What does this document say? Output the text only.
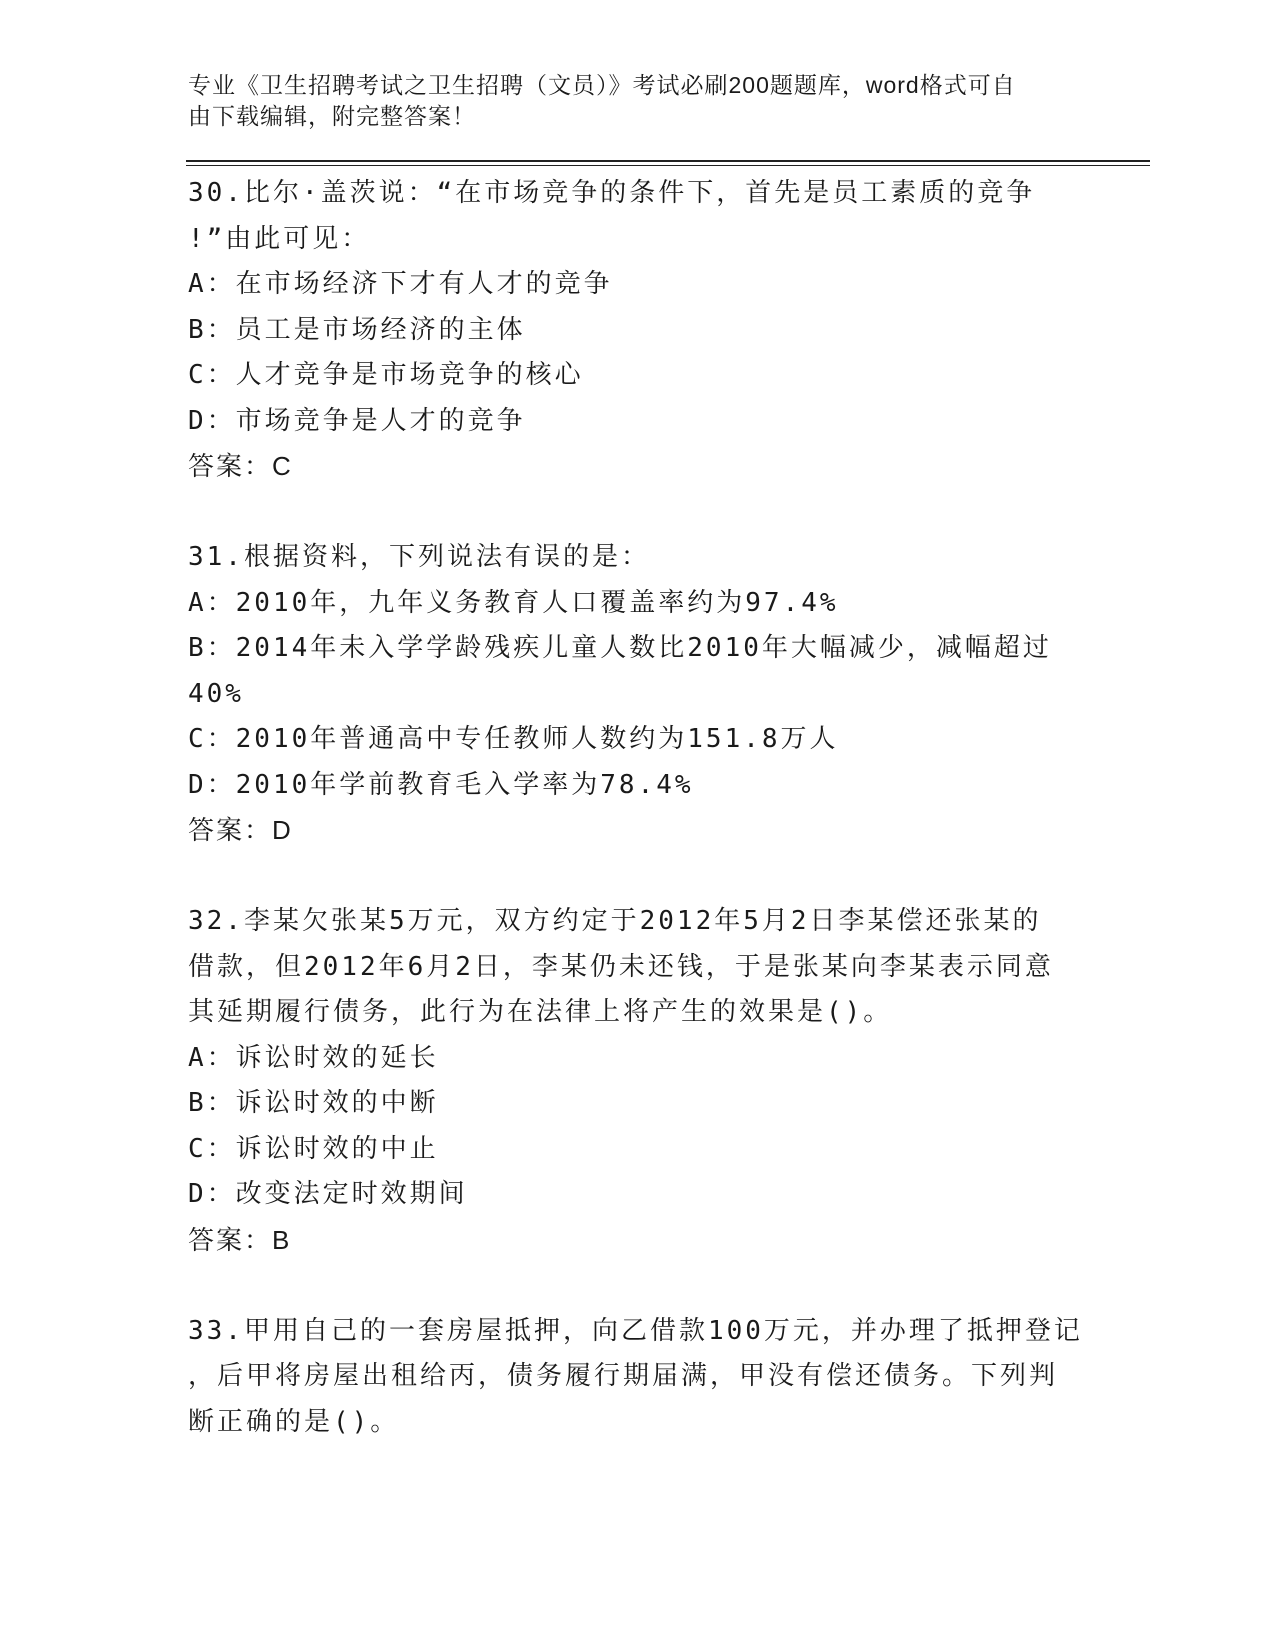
专业《卫生招聘考试之卫生招聘（文员）》考试必刷200题题库，word格式可自

由下载编辑，附完整答案！

30.比尔·盖茨说：“在市场竞争的条件下，首先是员工素质的竞争

!”由此可见：

A：在市场经济下才有人才的竞争

B：员工是市场经济的主体

C：人才竞争是市场竞争的核心

D：市场竞争是人才的竞争

答案：C

31.根据资料，下列说法有误的是：

A：2010年，九年义务教育人口覆盖率约为97.4%

B：2014年未入学学龄残疾儿童人数比2010年大幅减少，减幅超过

40%

C：2010年普通高中专任教师人数约为151.8万人

D：2010年学前教育毛入学率为78.4%

答案：D

32.李某欠张某5万元，双方约定于2012年5月2日李某偿还张某的

借款，但2012年6月2日，李某仍未还钱，于是张某向李某表示同意

其延期履行债务，此行为在法律上将产生的效果是()。

A：诉讼时效的延长

B：诉讼时效的中断

C：诉讼时效的中止

D：改变法定时效期间

答案：B

33.甲用自己的一套房屋抵押，向乙借款100万元，并办理了抵押登记

，后甲将房屋出租给丙，债务履行期届满，甲没有偿还债务。下列判

断正确的是()。
